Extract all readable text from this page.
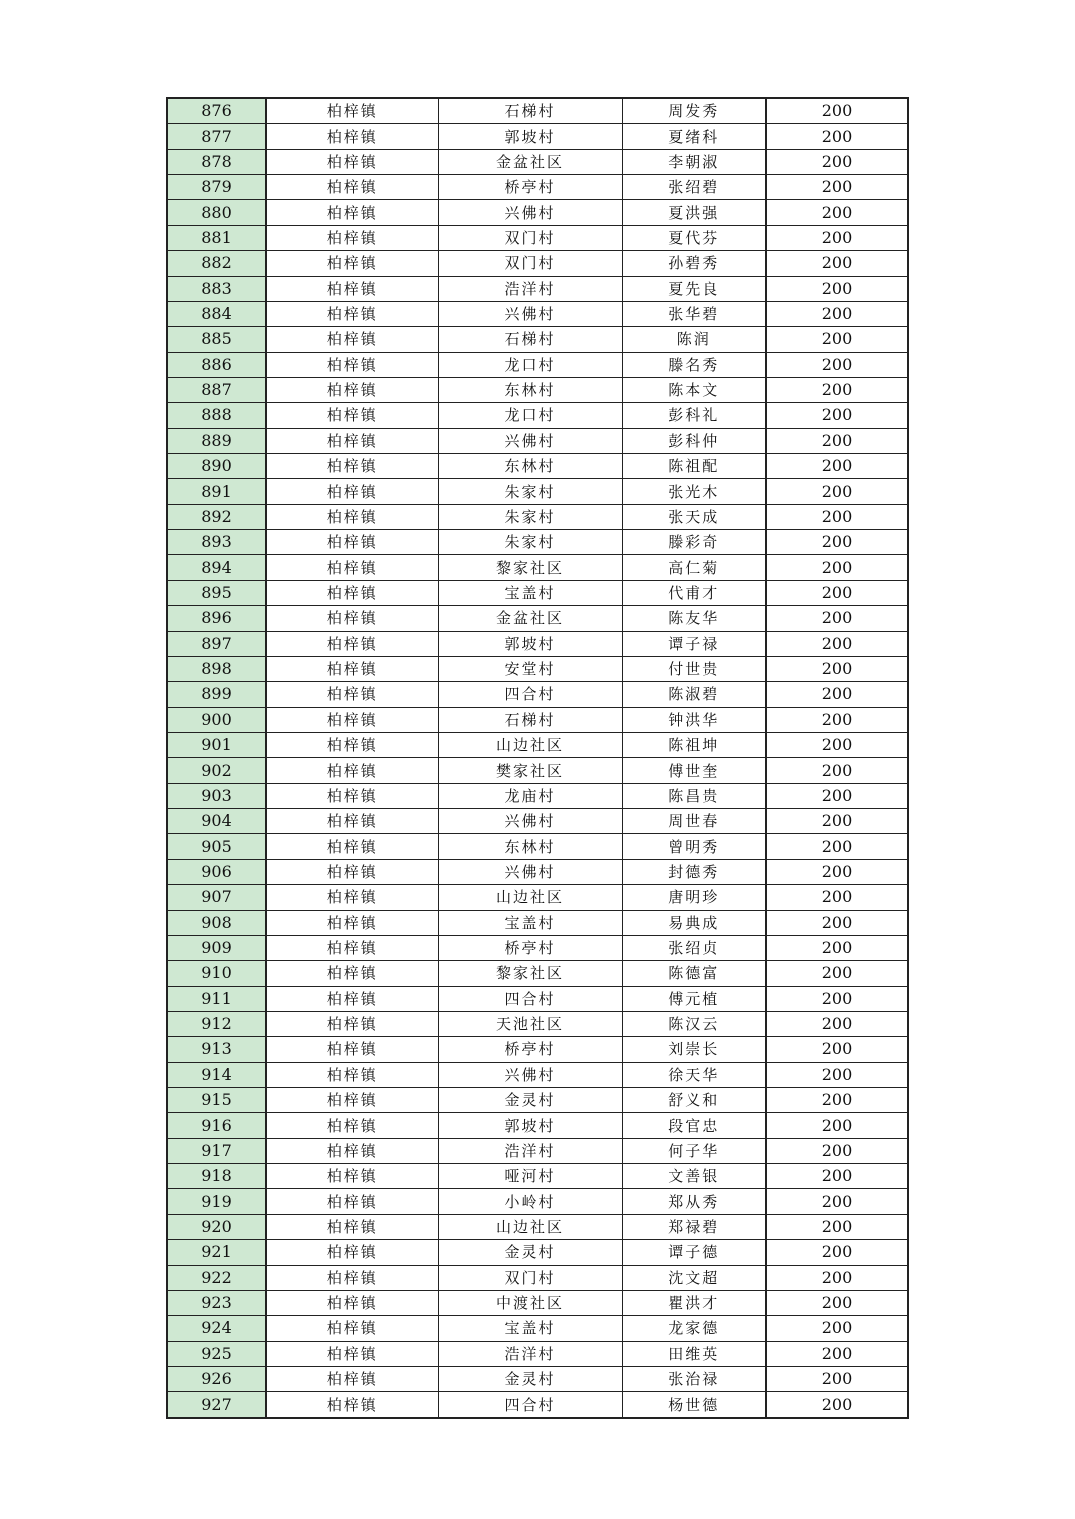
876	柏梓镇	石梯村	周发秀	200
877	柏梓镇	郭坡村	夏绪科	200
878	柏梓镇	金盆社区	李朝淑	200
879	柏梓镇	桥亭村	张绍碧	200
880	柏梓镇	兴佛村	夏洪强	200
881	柏梓镇	双门村	夏代芬	200
882	柏梓镇	双门村	孙碧秀	200
883	柏梓镇	浩洋村	夏先良	200
884	柏梓镇	兴佛村	张华碧	200
885	柏梓镇	石梯村	陈润	200
886	柏梓镇	龙口村	滕名秀	200
887	柏梓镇	东林村	陈本文	200
888	柏梓镇	龙口村	彭科礼	200
889	柏梓镇	兴佛村	彭科仲	200
890	柏梓镇	东林村	陈祖配	200
891	柏梓镇	朱家村	张光木	200
892	柏梓镇	朱家村	张天成	200
893	柏梓镇	朱家村	滕彩奇	200
894	柏梓镇	黎家社区	高仁菊	200
895	柏梓镇	宝盖村	代甫才	200
896	柏梓镇	金盆社区	陈友华	200
897	柏梓镇	郭坡村	谭子禄	200
898	柏梓镇	安堂村	付世贵	200
899	柏梓镇	四合村	陈淑碧	200
900	柏梓镇	石梯村	钟洪华	200
901	柏梓镇	山边社区	陈祖坤	200
902	柏梓镇	樊家社区	傅世奎	200
903	柏梓镇	龙庙村	陈昌贵	200
904	柏梓镇	兴佛村	周世春	200
905	柏梓镇	东林村	曾明秀	200
906	柏梓镇	兴佛村	封德秀	200
907	柏梓镇	山边社区	唐明珍	200
908	柏梓镇	宝盖村	易典成	200
909	柏梓镇	桥亭村	张绍贞	200
910	柏梓镇	黎家社区	陈德富	200
911	柏梓镇	四合村	傅元植	200
912	柏梓镇	天池社区	陈汉云	200
913	柏梓镇	桥亭村	刘崇长	200
914	柏梓镇	兴佛村	徐天华	200
915	柏梓镇	金灵村	舒义和	200
916	柏梓镇	郭坡村	段官忠	200
917	柏梓镇	浩洋村	何子华	200
918	柏梓镇	哑河村	文善银	200
919	柏梓镇	小岭村	郑从秀	200
920	柏梓镇	山边社区	郑禄碧	200
921	柏梓镇	金灵村	谭子德	200
922	柏梓镇	双门村	沈文超	200
923	柏梓镇	中渡社区	瞿洪才	200
924	柏梓镇	宝盖村	龙家德	200
925	柏梓镇	浩洋村	田维英	200
926	柏梓镇	金灵村	张治禄	200
927	柏梓镇	四合村	杨世德	200
